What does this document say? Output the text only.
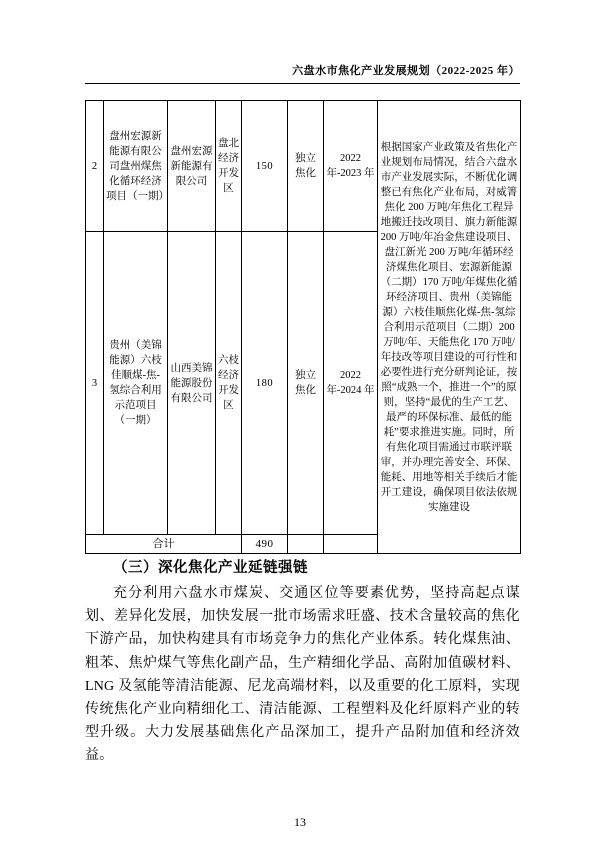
六盘水市焦化产业发展规划（2022-2025 年）
2	盘州宏源新能源有限公司盘州煤焦化循环经济项目（一期）	盘州宏源新能源有限公司	盘北经济开发区	150	独立焦化	2022 年-2023 年	根据国家产业政策及省焦化产业规划布局情况，结合六盘水市产业发展实际，不断优化调整已有焦化产业布局，对威箐焦化 200 万吨/年焦化工程异地搬迁技改项目、旗力新能源 200 万吨/年冶金焦建设项目、盘江新光 200 万吨/年循环经济煤焦化项目、宏源新能源（二期）170 万吨/年煤焦化循环经济项目、贵州（美锦能源）六枝佳顺焦化煤-焦-氢综合利用示范项目（二期）200 万吨/年、天能焦化 170 万吨/年技改等项目建设的可行性和必要性进行充分研判论证，按照“成熟一个，推进一个”的原则，坚持“最优的生产工艺、最严的环保标准、最低的能耗”要求推进实施。同时，所有焦化项目需通过市联评联审，并办理完善安全、环保、能耗、用地等相关手续后才能开工建设，确保项目依法依规实施建设
3	贵州（美锦能源）六枝佳顺煤-焦-氢综合利用示范项目（一期）	山西美锦能源股份有限公司	六枝经济开发区	180	独立焦化	2022 年-2024 年	
合计				490			
（三）深化焦化产业延链强链
充分利用六盘水市煤炭、交通区位等要素优势，坚持高起点谋划、差异化发展，加快发展一批市场需求旺盛、技术含量较高的焦化下游产品，加快构建具有市场竞争力的焦化产业体系。转化煤焦油、粗苯、焦炉煤气等焦化副产品，生产精细化学品、高附加值碳材料、LNG 及氢能等清洁能源、尼龙高端材料，以及重要的化工原料，实现传统焦化产业向精细化工、清洁能源、工程塑料及化纤原料产业的转型升级。大力发展基础焦化产品深加工，提升产品附加值和经济效益。
13
